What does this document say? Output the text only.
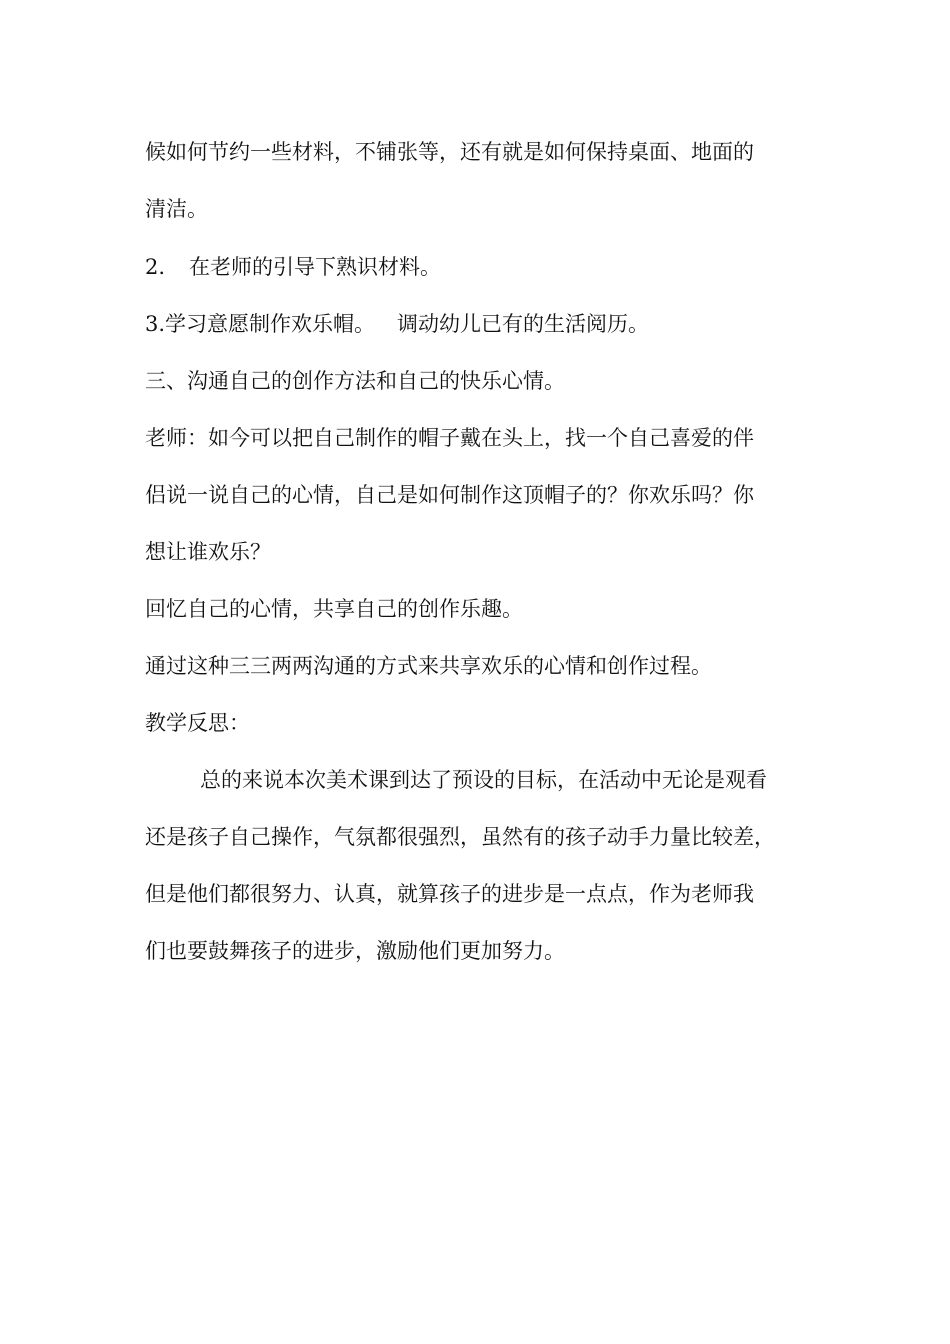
候如何节约一些材料，不铺张等，还有就是如何保持桌面、地面的
清洁。
2. 在老师的引导下熟识材料。
3.学习意愿制作欢乐帽。 调动幼儿已有的生活阅历。
三、沟通自己的创作方法和自己的快乐心情。
老师：如今可以把自己制作的帽子戴在头上，找一个自己喜爱的伴
侣说一说自己的心情，自己是如何制作这顶帽子的？你欢乐吗？你
想让谁欢乐？
回忆自己的心情，共享自己的创作乐趣。
通过这种三三两两沟通的方式来共享欢乐的心情和创作过程。
教学反思：
总的来说本次美术课到达了预设的目标，在活动中无论是观看
还是孩子自己操作，气氛都很强烈，虽然有的孩子动手力量比较差，
但是他们都很努力、认真，就算孩子的进步是一点点，作为老师我
们也要鼓舞孩子的进步，激励他们更加努力。
